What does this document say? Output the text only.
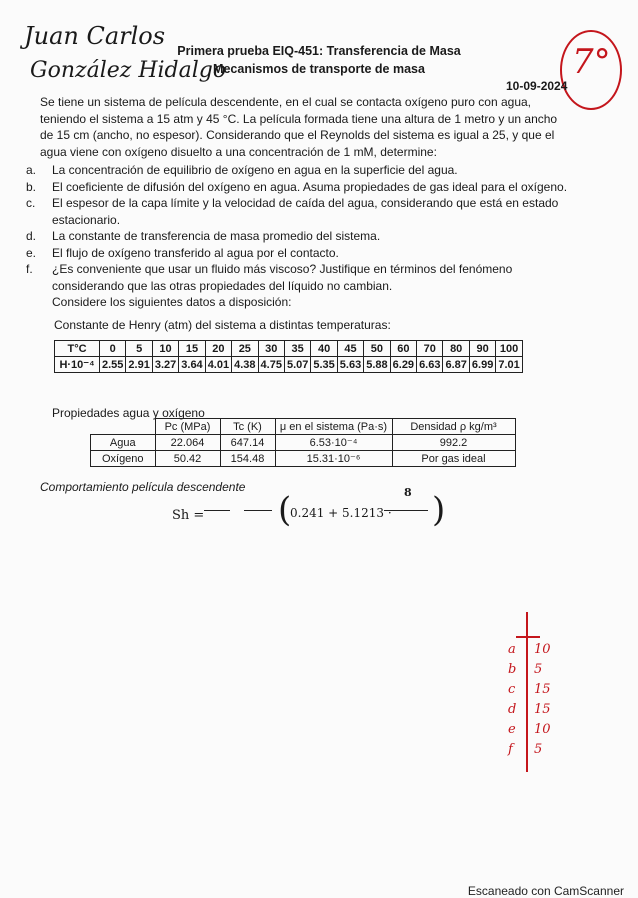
Juan Carlos
González Hidalgo
Primera prueba EIQ-451: Transferencia de Masa
Mecanismos de transporte de masa	7°
10-09-2024
Se tiene un sistema de película descendente, en el cual se contacta oxígeno puro con agua, teniendo el sistema a 15 atm y 45 °C. La película formada tiene una altura de 1 metro y un ancho de 15 cm (ancho, no espesor). Considerando que el Reynolds del sistema es igual a 25, y que el agua viene con oxígeno disuelto a una concentración de 1 mM, determine:
a.	La concentración de equilibrio de oxígeno en agua en la superficie del agua.
b.	El coeficiente de difusión del oxígeno en agua. Asuma propiedades de gas ideal para el oxígeno.
c.	El espesor de la capa límite y la velocidad de caída del agua, considerando que está en estado estacionario.
d.	La constante de transferencia de masa promedio del sistema.
e.	El flujo de oxígeno transferido al agua por el contacto.
f.	¿Es conveniente que usar un fluido más viscoso? Justifique en términos del fenómeno considerando que las otras propiedades del líquido no cambian.
Considere los siguientes datos a disposición:
Constante de Henry (atm) del sistema a distintas temperaturas:
T°C	0	5	10	15	20	25	30	35	40	45	50	60	70	80	90	100
H·10⁻⁴	2.55	2.91	3.27	3.64	4.01	4.38	4.75	5.07	5.35	5.63	5.88	6.29	6.63	6.87	6.99	7.01
Propiedades agua y oxígeno
	Pc (MPa)	Tc (K)	μ en el sistema (Pa·s)	Densidad ρ kg/m³
Agua	22.064	647.14	6.53·10⁻⁴	992.2
Oxígeno	50.42	154.48	15.31·10⁻⁶	Por gas ideal
Comportamiento película descendente
Sh = (
0.241 + 5.1213 ·
8 )
a 10
b 5
c 15
d 15
e 10
f 5
Escaneado con CamScanner
